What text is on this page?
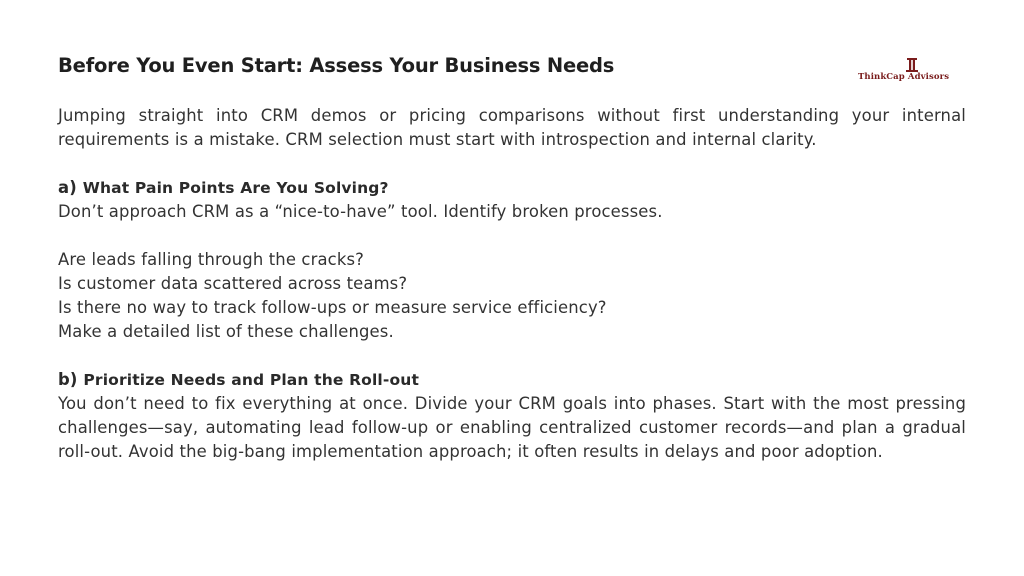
Before You Even Start: Assess Your Business Needs	ThinkCap Advisors

Jumping straight into CRM demos or pricing comparisons without first understanding your internal requirements is a mistake. CRM selection must start with introspection and internal clarity.

a) What Pain Points Are You Solving?
Don’t approach CRM as a “nice-to-have” tool. Identify broken processes.
Are leads falling through the cracks?
Is customer data scattered across teams?
Is there no way to track follow-ups or measure service efficiency?
Make a detailed list of these challenges.
b) Prioritize Needs and Plan the Roll-out

You don’t need to fix everything at once. Divide your CRM goals into phases. Start with the most pressing challenges—say, automating lead follow-up or enabling centralized customer records—and plan a gradual roll-out. Avoid the big-bang implementation approach; it often results in delays and poor adoption.
